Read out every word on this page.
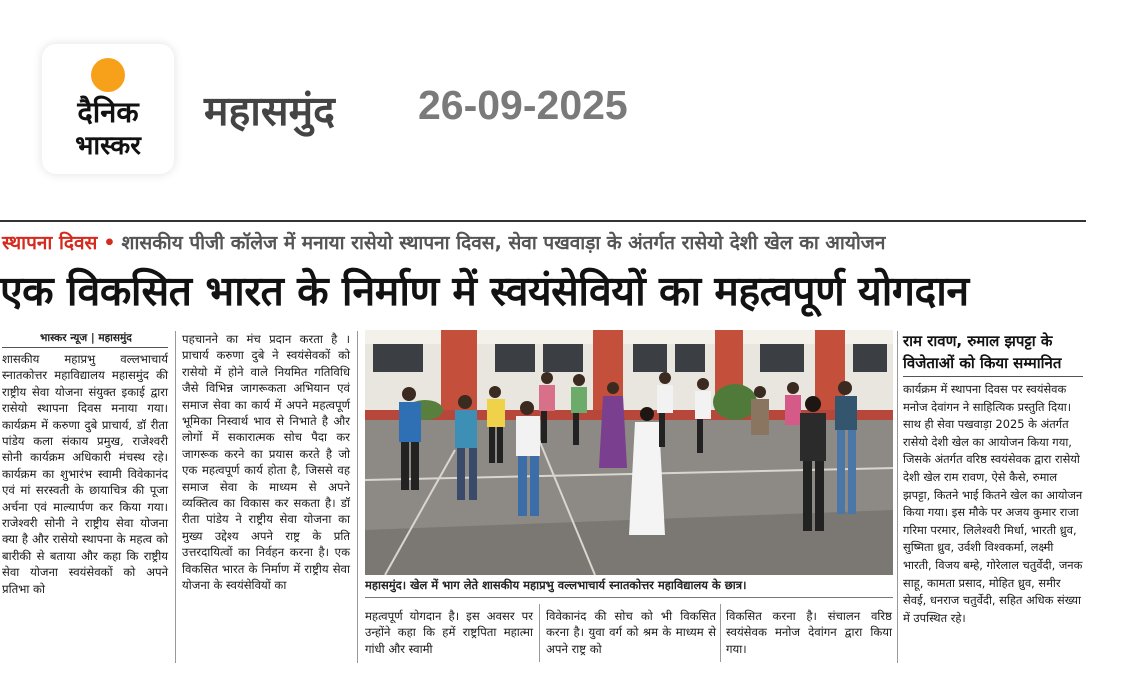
दैनिक
भास्कर
महासमुंद 26-09-2025
स्थापना दिवस • शासकीय पीजी कॉलेज में मनाया रासेयो स्थापना दिवस, सेवा पखवाड़ा के अंतर्गत रासेयो देशी खेल का आयोजन
एक विकसित भारत के निर्माण में स्वयंसेवियों का महत्वपूर्ण योगदान
भास्कर न्यूज | महासमुंद
शासकीय महाप्रभु वल्लभाचार्य स्नातकोत्तर महाविद्यालय महासमुंद की राष्ट्रीय सेवा योजना संयुक्त इकाई द्वारा रासेयो स्थापना दिवस मनाया गया। कार्यक्रम में करुणा दुबे प्राचार्य, डॉ रीता पांडेय कला संकाय प्रमुख, राजेश्वरी सोनी कार्यक्रम अधिकारी मंचस्थ रहे। कार्यक्रम का शुभारंभ स्वामी विवेकानंद एवं मां सरस्वती के छायाचित्र की पूजा अर्चना एवं माल्यार्पण कर किया गया। राजेश्वरी सोनी ने राष्ट्रीय सेवा योजना क्या है और रासेयो स्थापना के महत्व को बारीकी से बताया और कहा कि राष्ट्रीय सेवा योजना स्वयंसेवकों को अपने प्रतिभा को
पहचानने का मंच प्रदान करता है । प्राचार्य करुणा दुबे ने स्वयंसेवकों को रासेयो में होने वाले नियमित गतिविधि जैसे विभिन्न जागरूकता अभियान एवं समाज सेवा का कार्य में अपने महत्वपूर्ण भूमिका निस्वार्थ भाव से निभाते है और लोगों में सकारात्मक सोच पैदा कर जागरूक करने का प्रयास करते है जो एक महत्वपूर्ण कार्य होता है, जिससे वह समाज सेवा के माध्यम से अपने व्यक्तित्व का विकास कर सकता है। डॉ रीता पांडेय ने राष्ट्रीय सेवा योजना का मुख्य उद्देश्य अपने राष्ट्र के प्रति उत्तरदायित्वों का निर्वहन करना है। एक विकसित भारत के निर्माण में राष्ट्रीय सेवा योजना के स्वयंसेवियों का	महासमुंद। खेल में भाग लेते शासकीय महाप्रभु वल्लभाचार्य स्नातकोत्तर महाविद्यालय के छात्र।
महत्वपूर्ण योगदान है। इस अवसर पर उन्होंने कहा कि हमें राष्ट्रपिता महात्मा गांधी और स्वामी
विवेकानंद की सोच को भी विकसित करना है। युवा वर्ग को श्रम के माध्यम से अपने राष्ट्र को
विकसित करना है। संचालन वरिष्ठ स्वयंसेवक मनोज देवांगन द्वारा किया गया।
राम रावण, रुमाल झपट्टा के विजेताओं को किया सम्मानित
कार्यक्रम में स्थापना दिवस पर स्वयंसेवक मनोज देवांगन ने साहित्यिक प्रस्तुति दिया। साथ ही सेवा पखवाड़ा 2025 के अंतर्गत रासेयो देशी खेल का आयोजन किया गया, जिसके अंतर्गत वरिष्ठ स्वयंसेवक द्वारा रासेयो देशी खेल राम रावण, ऐसे कैसे, रुमाल झपट्टा, कितने भाई कितने खेल का आयोजन किया गया। इस मौके पर अजय कुमार राजा गरिमा परमार, लिलेश्वरी मिर्धा, भारती ध्रुव, सुष्मिता ध्रुव, उर्वशी विश्वकर्मा, लक्ष्मी भारती, विजय बम्हे, गोरेलाल चतुर्वेदी, जनक साहू, कामता प्रसाद, मोहित ध्रुव, समीर सेवई, धनराज चतुर्वेदी, सहित अधिक संख्या में उपस्थित रहे।
